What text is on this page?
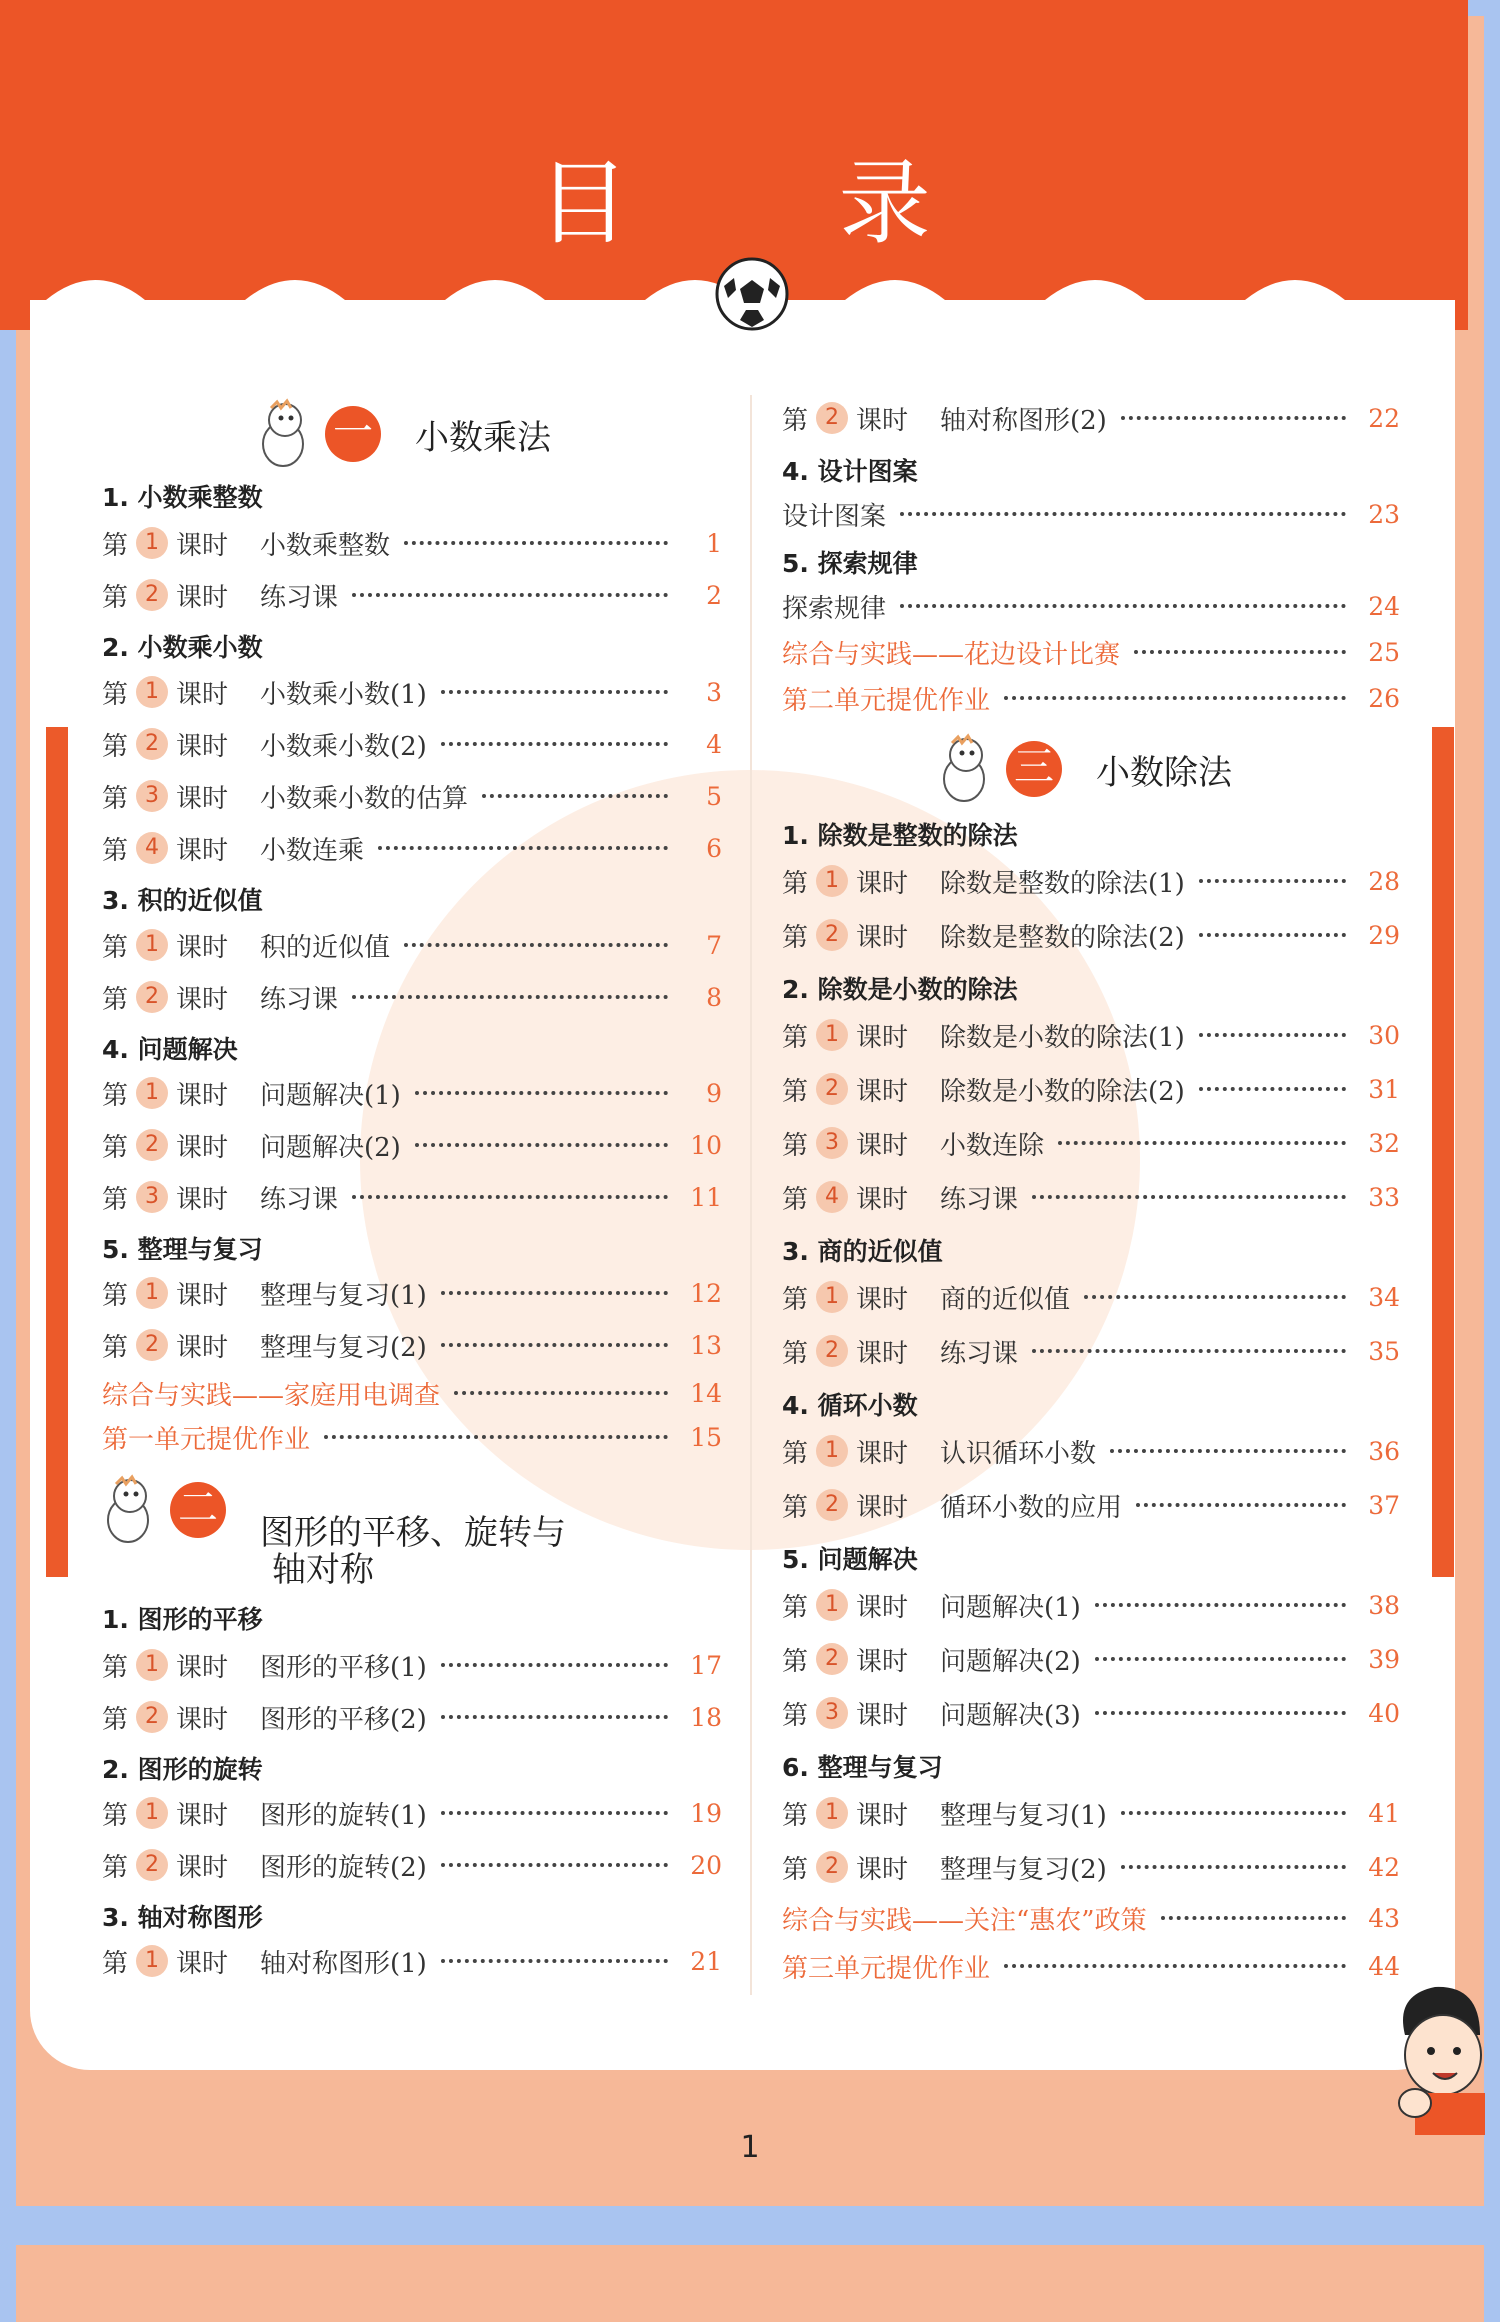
目 录
一 小数乘法
二
图形的平移、旋转与
轴对称
三 小数除法
1. 小数乘整数
第 1 课时	小数乘整数	1
第 2 课时	练习课	2
2. 小数乘小数
第 1 课时	小数乘小数(1)	3
第 2 课时	小数乘小数(2)	4
第 3 课时	小数乘小数的估算	5
第 4 课时	小数连乘	6
3. 积的近似值
第 1 课时	积的近似值	7
第 2 课时	练习课	8
4. 问题解决
第 1 课时	问题解决(1)	9
第 2 课时	问题解决(2)	10
第 3 课时	练习课	11
5. 整理与复习
第 1 课时	整理与复习(1)	12
第 2 课时	整理与复习(2)	13
综合与实践——家庭用电调查	14
第一单元提优作业	15
1. 图形的平移
第 1 课时	图形的平移(1)	17
第 2 课时	图形的平移(2)	18
2. 图形的旋转
第 1 课时	图形的旋转(1)	19
第 2 课时	图形的旋转(2)	20
3. 轴对称图形
第 1 课时	轴对称图形(1)	21
第 2 课时	轴对称图形(2)	22
4. 设计图案
设计图案	23
5. 探索规律
探索规律	24
综合与实践——花边设计比赛	25
第二单元提优作业	26
1. 除数是整数的除法
第 1 课时	除数是整数的除法(1)	28
第 2 课时	除数是整数的除法(2)	29
2. 除数是小数的除法
第 1 课时	除数是小数的除法(1)	30
第 2 课时	除数是小数的除法(2)	31
第 3 课时	小数连除	32
第 4 课时	练习课	33
3. 商的近似值
第 1 课时	商的近似值	34
第 2 课时	练习课	35
4. 循环小数
第 1 课时	认识循环小数	36
第 2 课时	循环小数的应用	37
5. 问题解决
第 1 课时	问题解决(1)	38
第 2 课时	问题解决(2)	39
第 3 课时	问题解决(3)	40
6. 整理与复习
第 1 课时	整理与复习(1)	41
第 2 课时	整理与复习(2)	42
综合与实践——关注“惠农”政策	43
第三单元提优作业	44
1
